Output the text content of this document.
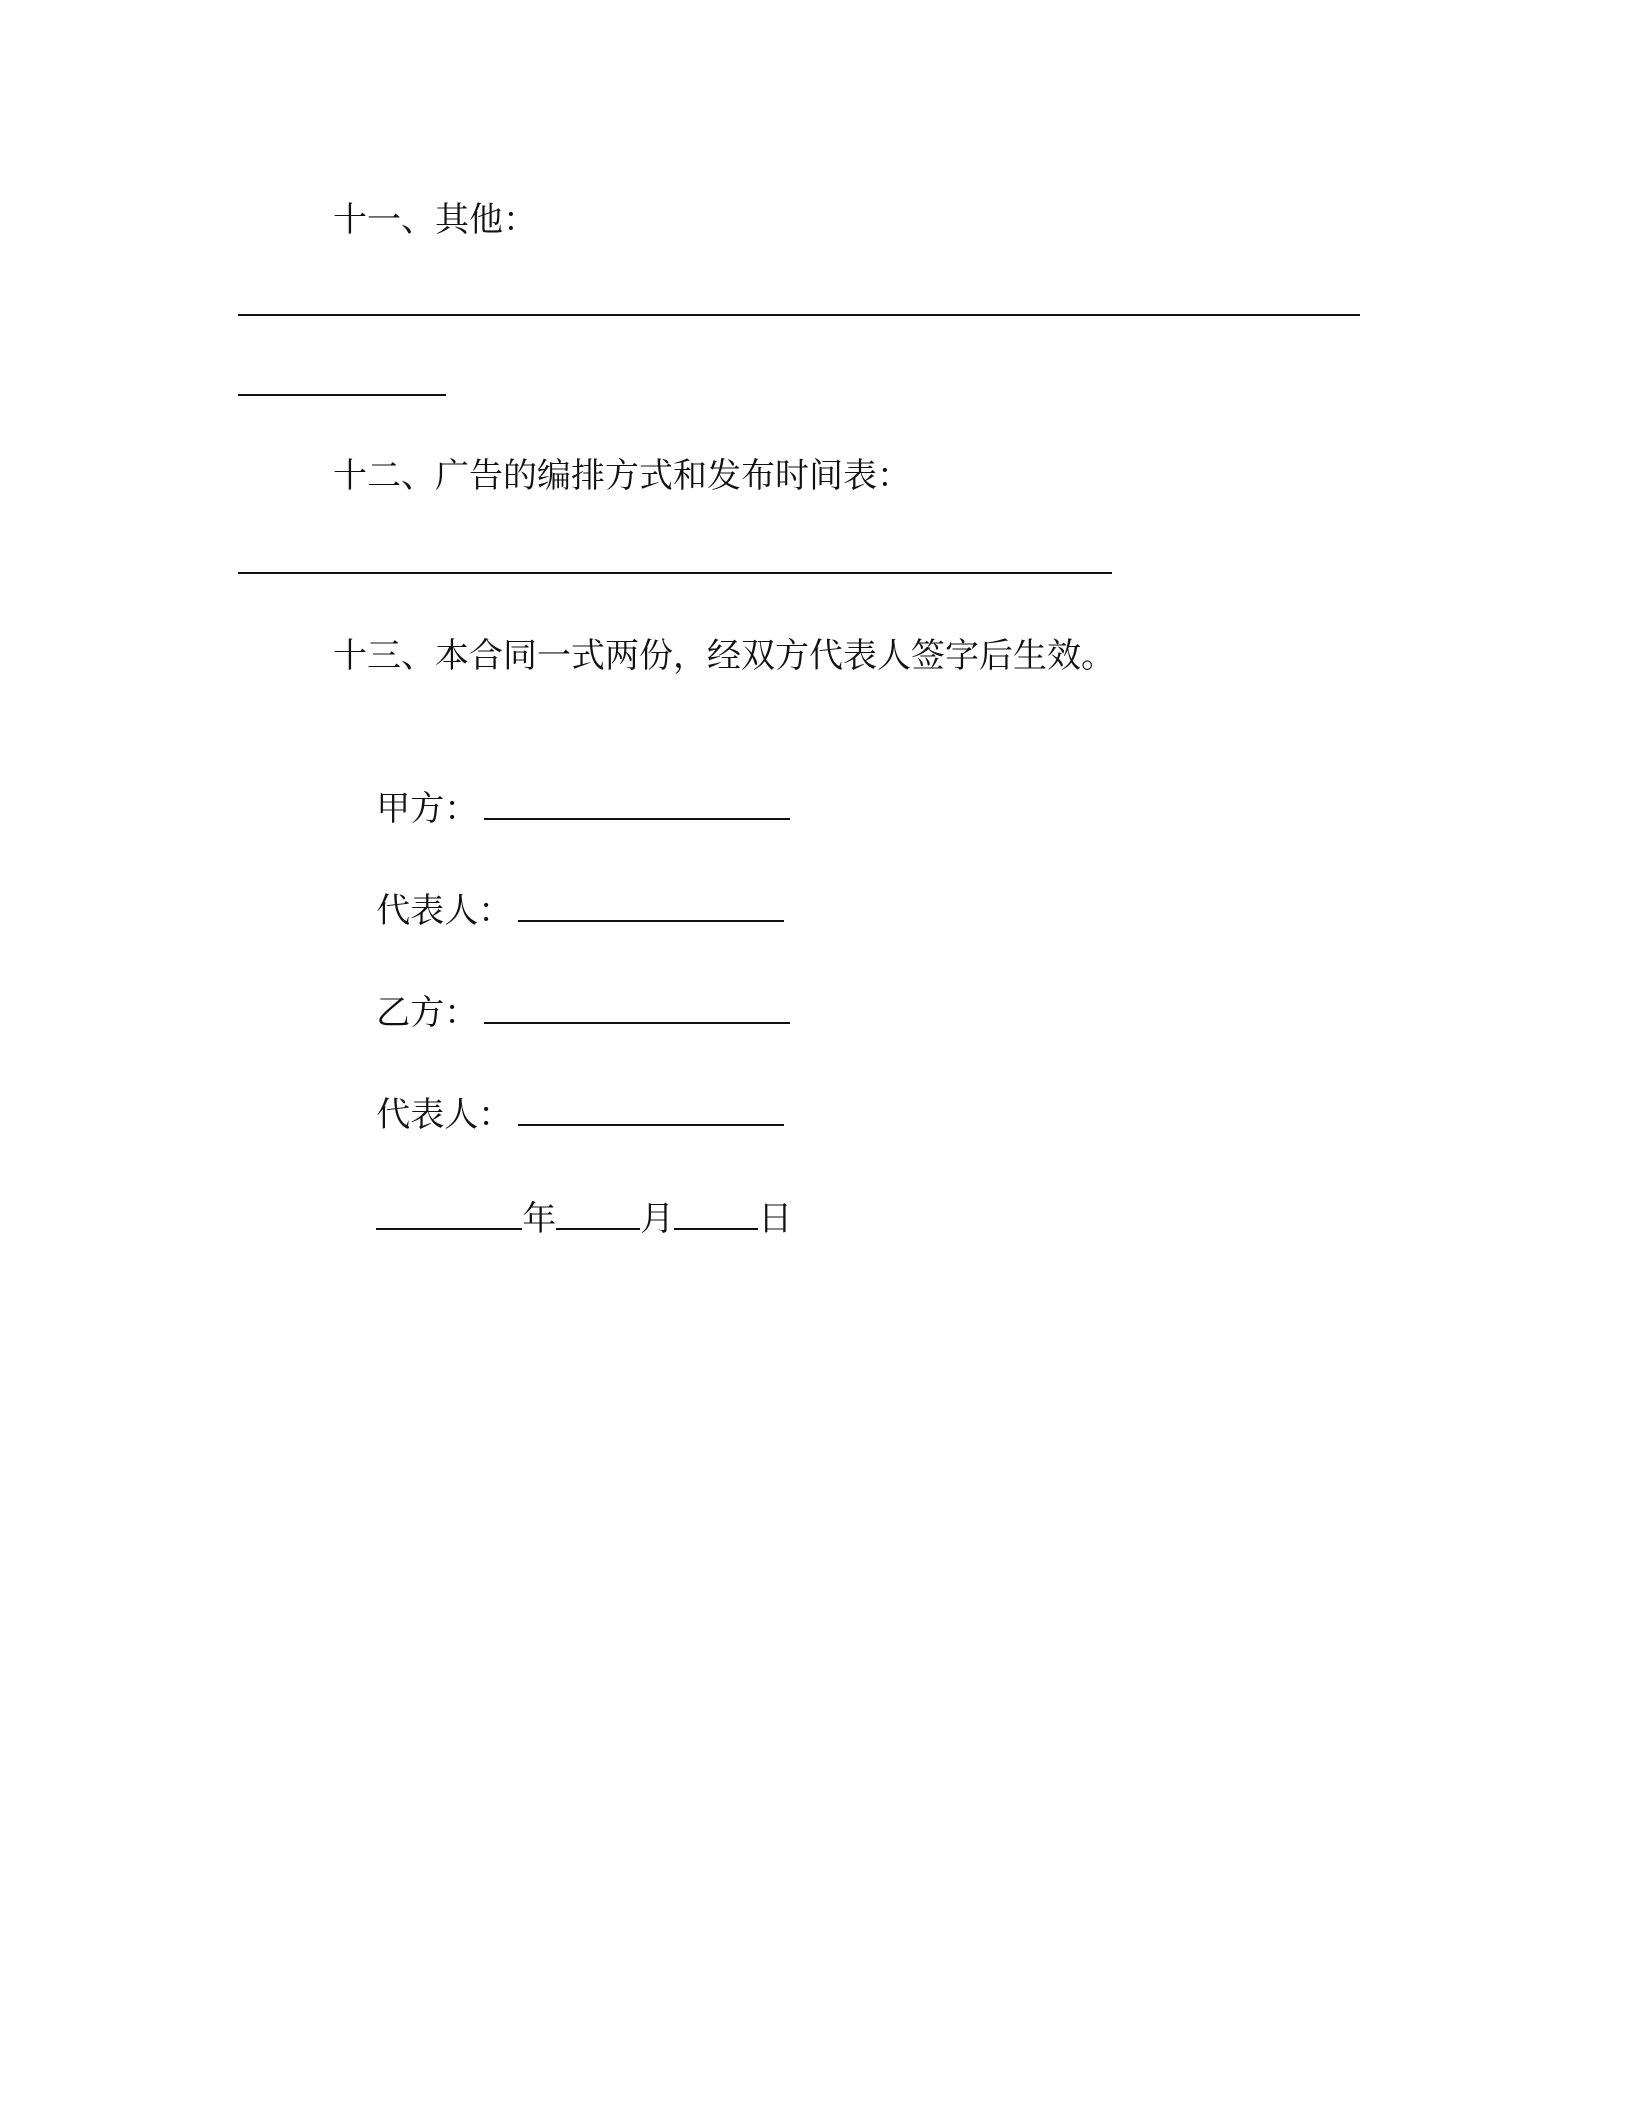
十一、其他：
十二、广告的编排方式和发布时间表：
十三、本合同一式两份，经双方代表人签字后生效。

甲方：

代表人：

乙方：

代表人：

年 月 日
